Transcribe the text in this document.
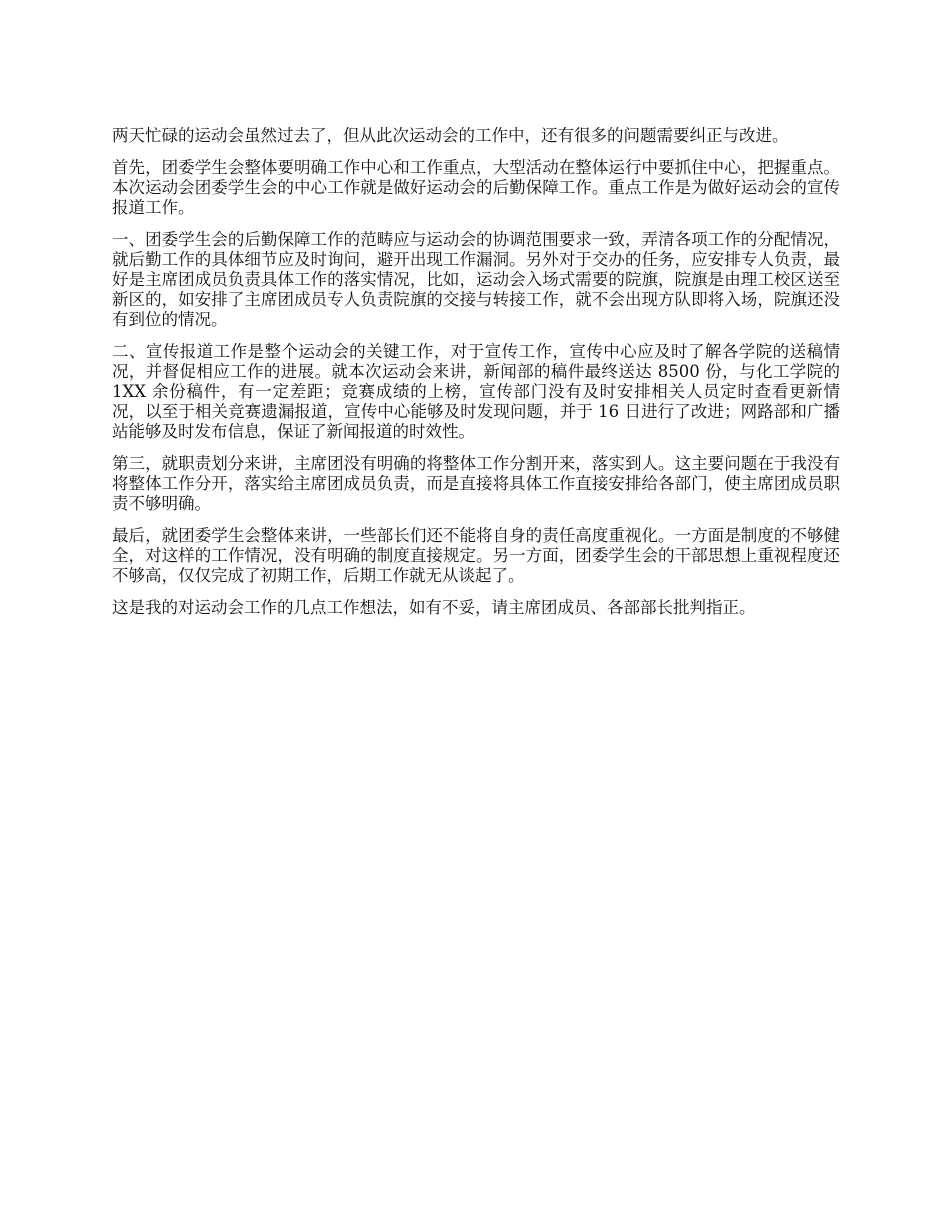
两天忙碌的运动会虽然过去了，但从此次运动会的工作中，还有很多的问题需要纠正与改进。

首先，团委学生会整体要明确工作中心和工作重点，大型活动在整体运行中要抓住中心，把握重点。本次运动会团委学生会的中心工作就是做好运动会的后勤保障工作。重点工作是为做好运动会的宣传报道工作。

一、团委学生会的后勤保障工作的范畴应与运动会的协调范围要求一致，弄清各项工作的分配情况，就后勤工作的具体细节应及时询问，避开出现工作漏洞。另外对于交办的任务，应安排专人负责，最好是主席团成员负责具体工作的落实情况，比如，运动会入场式需要的院旗，院旗是由理工校区送至新区的，如安排了主席团成员专人负责院旗的交接与转接工作，就不会出现方队即将入场，院旗还没有到位的情况。

二、宣传报道工作是整个运动会的关键工作，对于宣传工作，宣传中心应及时了解各学院的送稿情况，并督促相应工作的进展。就本次运动会来讲，新闻部的稿件最终送达 8500 份，与化工学院的 1XX 余份稿件，有一定差距；竞赛成绩的上榜，宣传部门没有及时安排相关人员定时查看更新情况，以至于相关竞赛遗漏报道，宣传中心能够及时发现问题，并于 16 日进行了改进；网路部和广播站能够及时发布信息，保证了新闻报道的时效性。

第三，就职责划分来讲，主席团没有明确的将整体工作分割开来，落实到人。这主要问题在于我没有将整体工作分开，落实给主席团成员负责，而是直接将具体工作直接安排给各部门，使主席团成员职责不够明确。

最后，就团委学生会整体来讲，一些部长们还不能将自身的责任高度重视化。一方面是制度的不够健全，对这样的工作情况，没有明确的制度直接规定。另一方面，团委学生会的干部思想上重视程度还不够高，仅仅完成了初期工作，后期工作就无从谈起了。

这是我的对运动会工作的几点工作想法，如有不妥，请主席团成员、各部部长批判指正。
